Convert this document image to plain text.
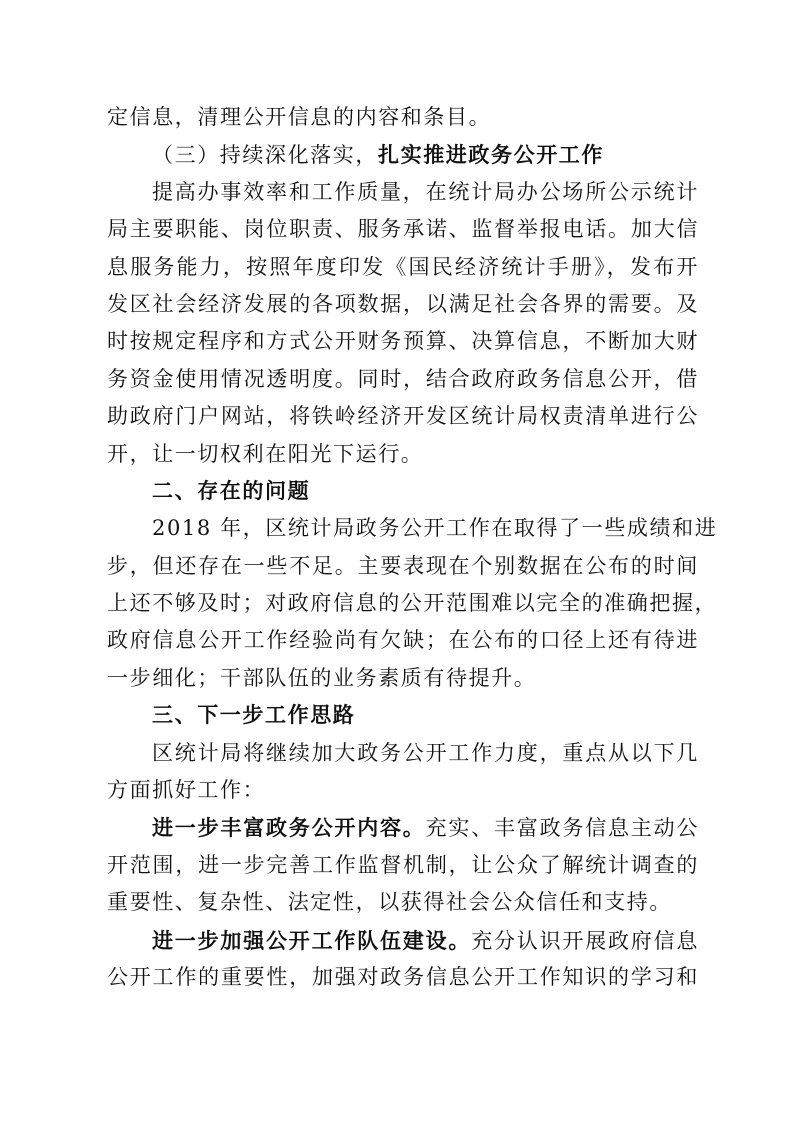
定信息，清理公开信息的内容和条目。
（三）持续深化落实，扎实推进政务公开工作
提高办事效率和工作质量，在统计局办公场所公示统计
局主要职能、岗位职责、服务承诺、监督举报电话。加大信
息服务能力，按照年度印发《国民经济统计手册》，发布开
发区社会经济发展的各项数据，以满足社会各界的需要。及
时按规定程序和方式公开财务预算、决算信息，不断加大财
务资金使用情况透明度。同时，结合政府政务信息公开，借
助政府门户网站，将铁岭经济开发区统计局权责清单进行公
开，让一切权利在阳光下运行。
二、存在的问题
2018 年，区统计局政务公开工作在取得了一些成绩和进
步，但还存在一些不足。主要表现在个别数据在公布的时间
上还不够及时；对政府信息的公开范围难以完全的准确把握，
政府信息公开工作经验尚有欠缺；在公布的口径上还有待进
一步细化；干部队伍的业务素质有待提升。
三、下一步工作思路
区统计局将继续加大政务公开工作力度，重点从以下几
方面抓好工作：
进一步丰富政务公开内容。充实、丰富政务信息主动公
开范围，进一步完善工作监督机制，让公众了解统计调查的
重要性、复杂性、法定性，以获得社会公众信任和支持。
进一步加强公开工作队伍建设。充分认识开展政府信息
公开工作的重要性，加强对政务信息公开工作知识的学习和
